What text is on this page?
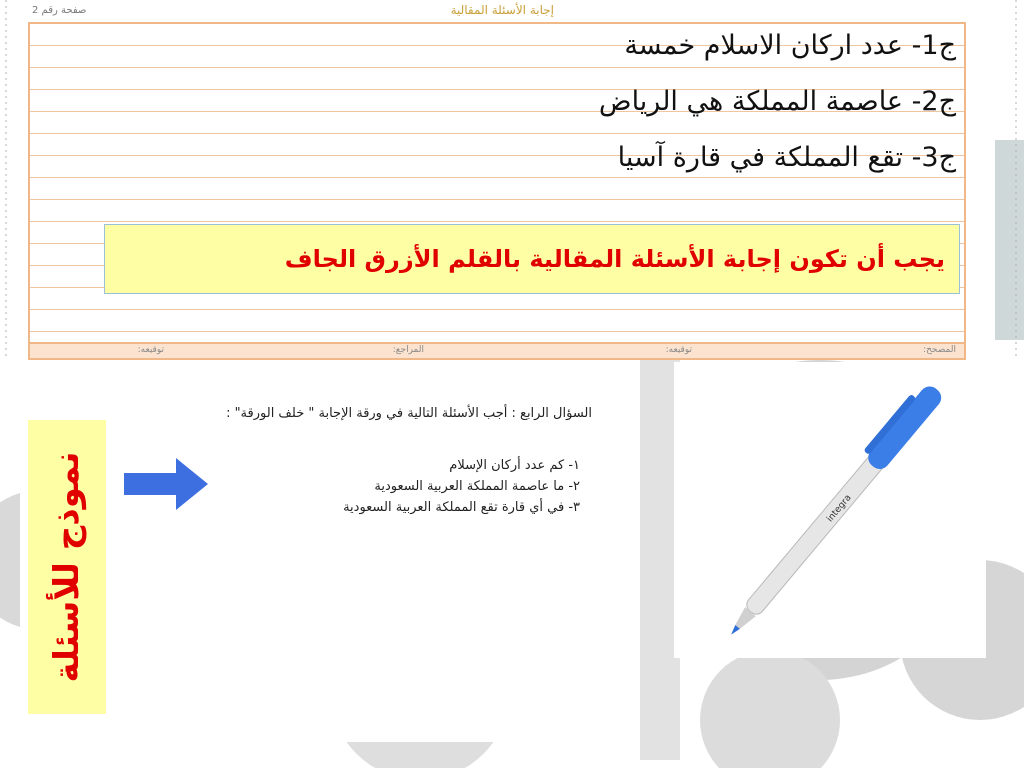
إجابة الأسئلة المقالية
صفحة رقم 2
ج1- عدد اركان الاسلام خمسة
ج2- عاصمة المملكة هي الرياض
ج3- تقع المملكة في قارة آسيا
يجب أن تكون إجابة الأسئلة المقالية بالقلم الأزرق الجاف
المصحح:
توقيعه:
المراجع:
توقيعه:
نموذج للأسئلة
السؤال الرابع : أجب الأسئلة التالية في ورقة الإجابة " خلف الورقة" :
١- كم عدد أركان الإسلام
٢- ما عاصمة المملكة العربية السعودية
٣- في أي قارة تقع المملكة العربية السعودية	integra
